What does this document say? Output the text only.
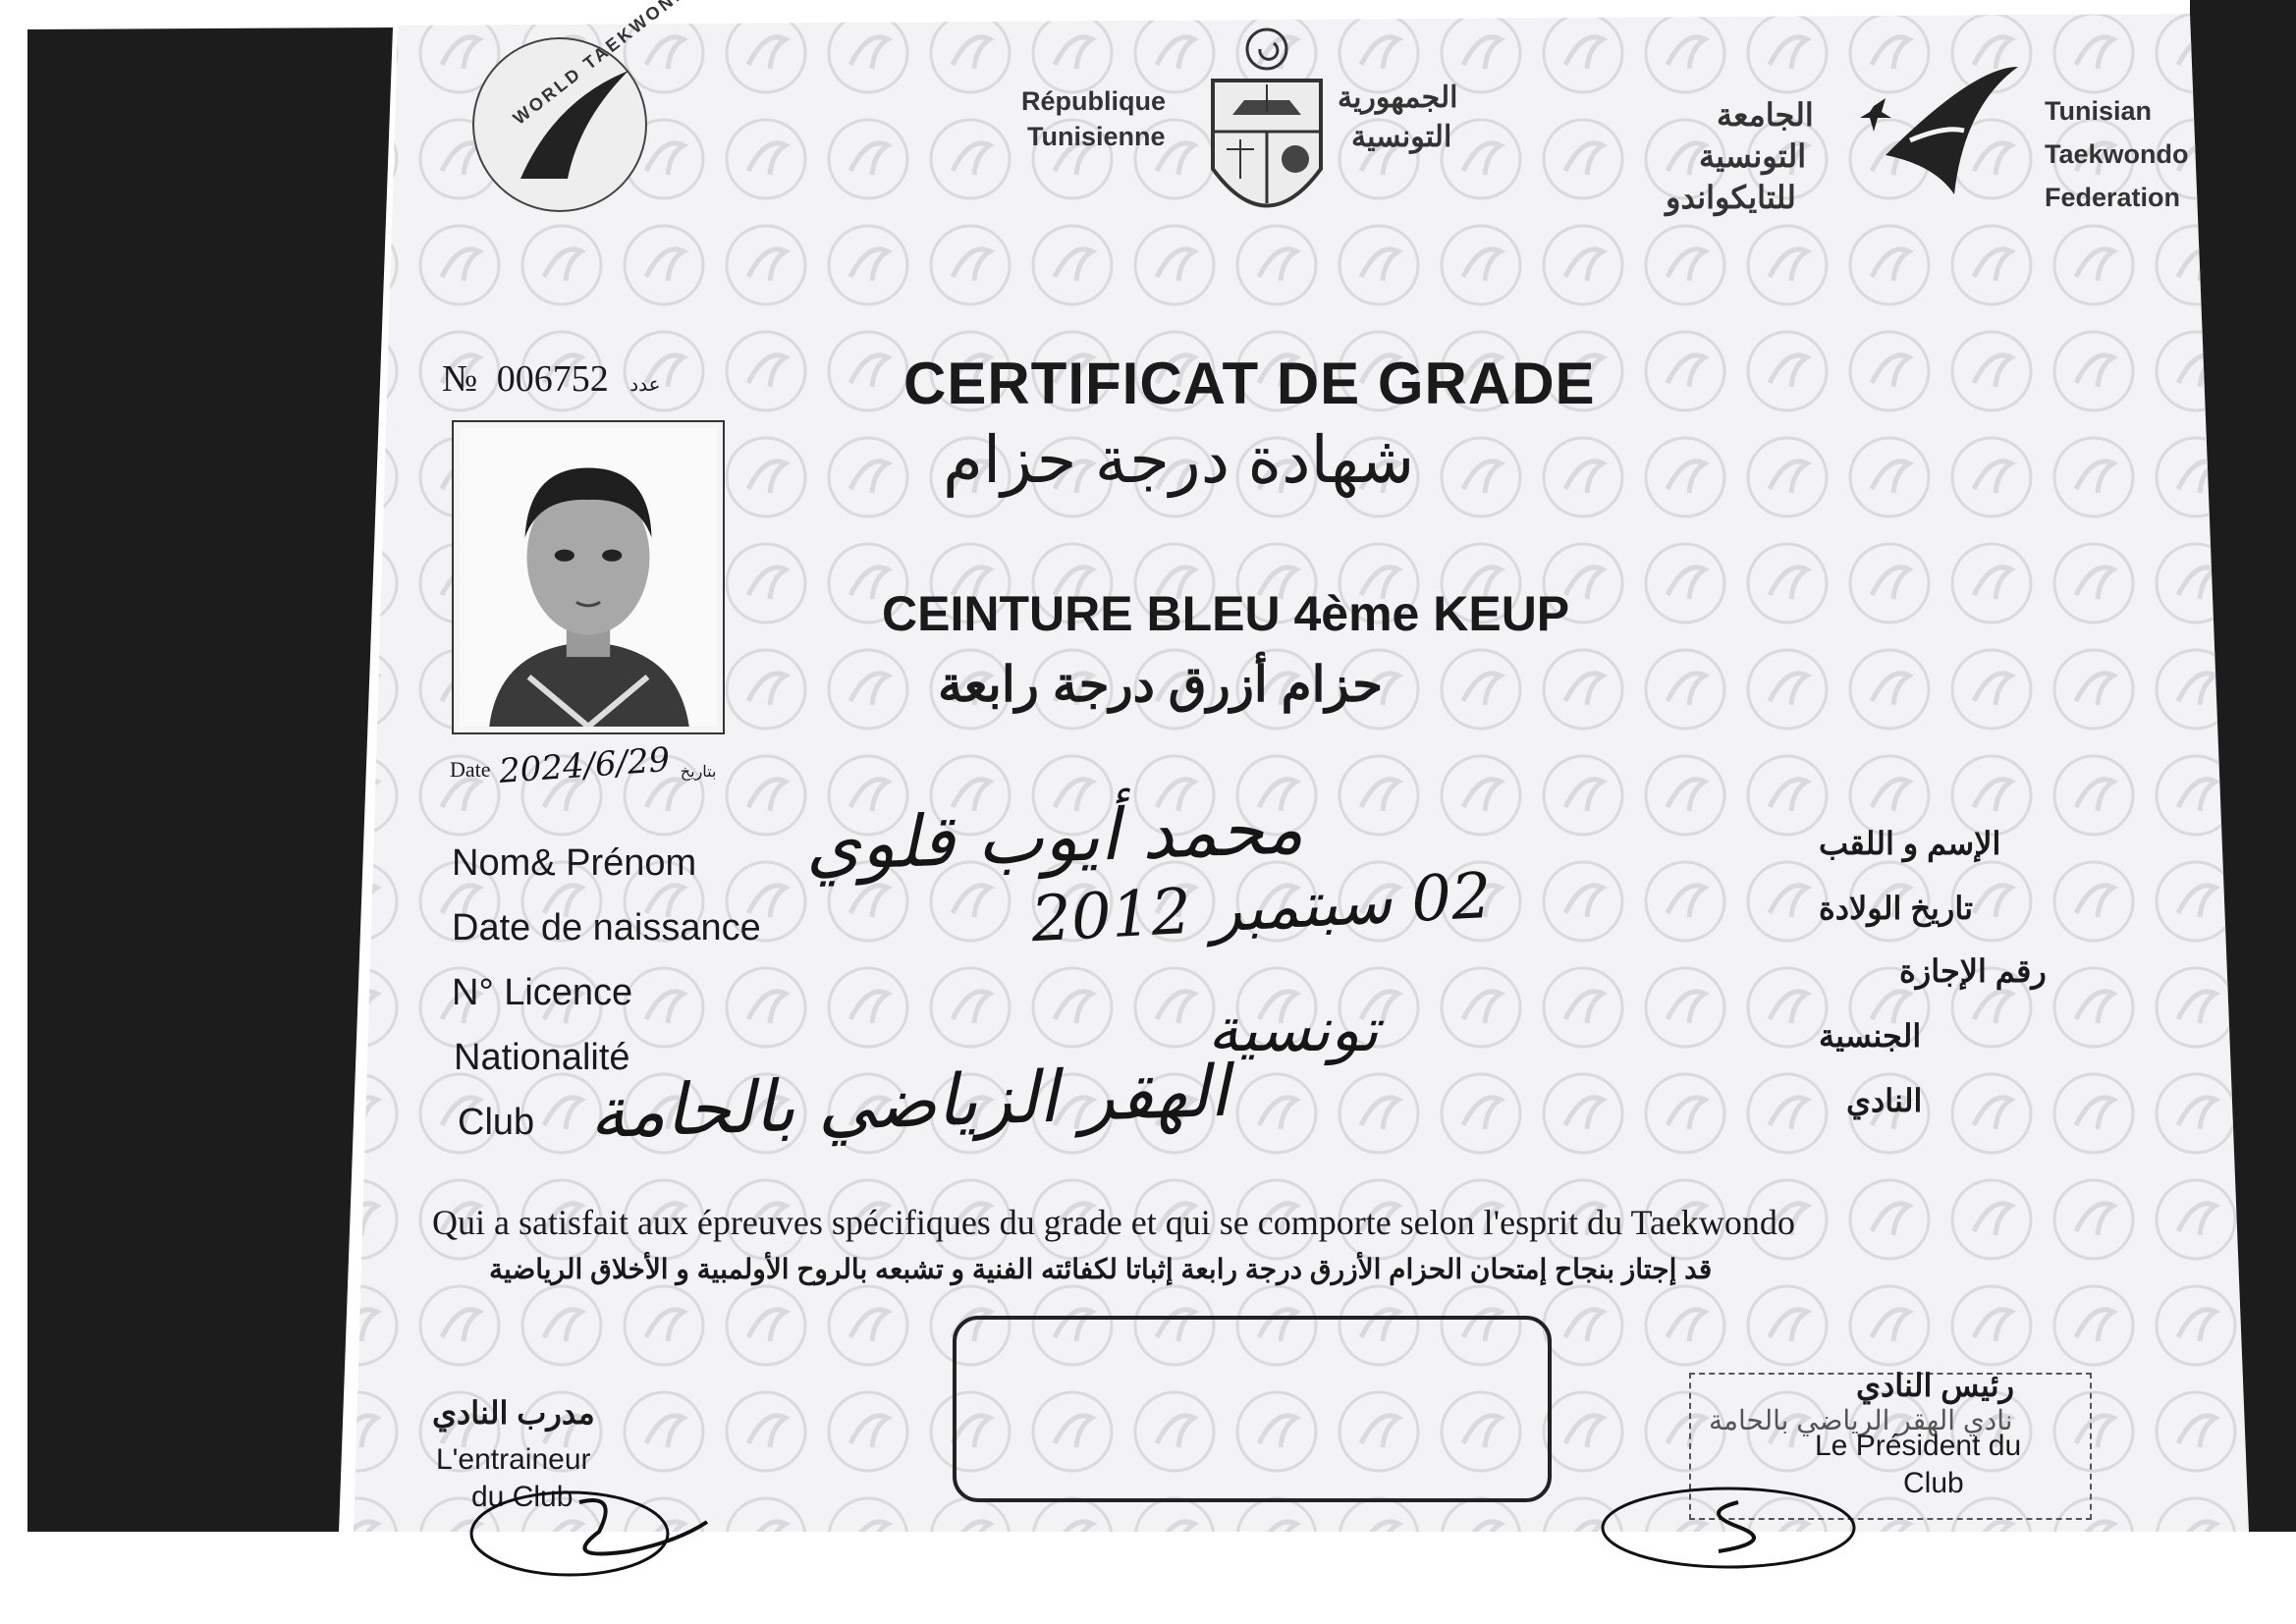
WORLD TAEKWONDO
République
Tunisienne
الجمهورية
التونسية
الجامعة
التونسية
للتايكواندو
Tunisian
Taekwondo
Federation
№ 006752 عدد	CERTIFICAT DE GRADE
شهادة درجة حزام
CEINTURE BLEU 4ème KEUP
حزام أزرق درجة رابعة
Date 2024/6/29 بتاريخ
Nom& Prénom
Date de naissance
N° Licence
Nationalité
Club
محمد أيوب قلوي
02 سبتمبر 2012
تونسية
الهقر الزياضي بالحامة
الإسم و اللقب
تاريخ الولادة
رقم الإجازة
الجنسية
النادي
Qui a satisfait aux épreuves spécifiques du grade et qui se comporte selon l'esprit du Taekwondo
قد إجتاز بنجاح إمتحان الحزام الأزرق درجة رابعة إثباتا لكفائته الفنية و تشبعه بالروح الأولمبية و الأخلاق الرياضية
مدرب النادي
L'entraineur
du Club
نادي الهقر الرياضي بالحامة
رئيس النادي
Le Président du
Club
